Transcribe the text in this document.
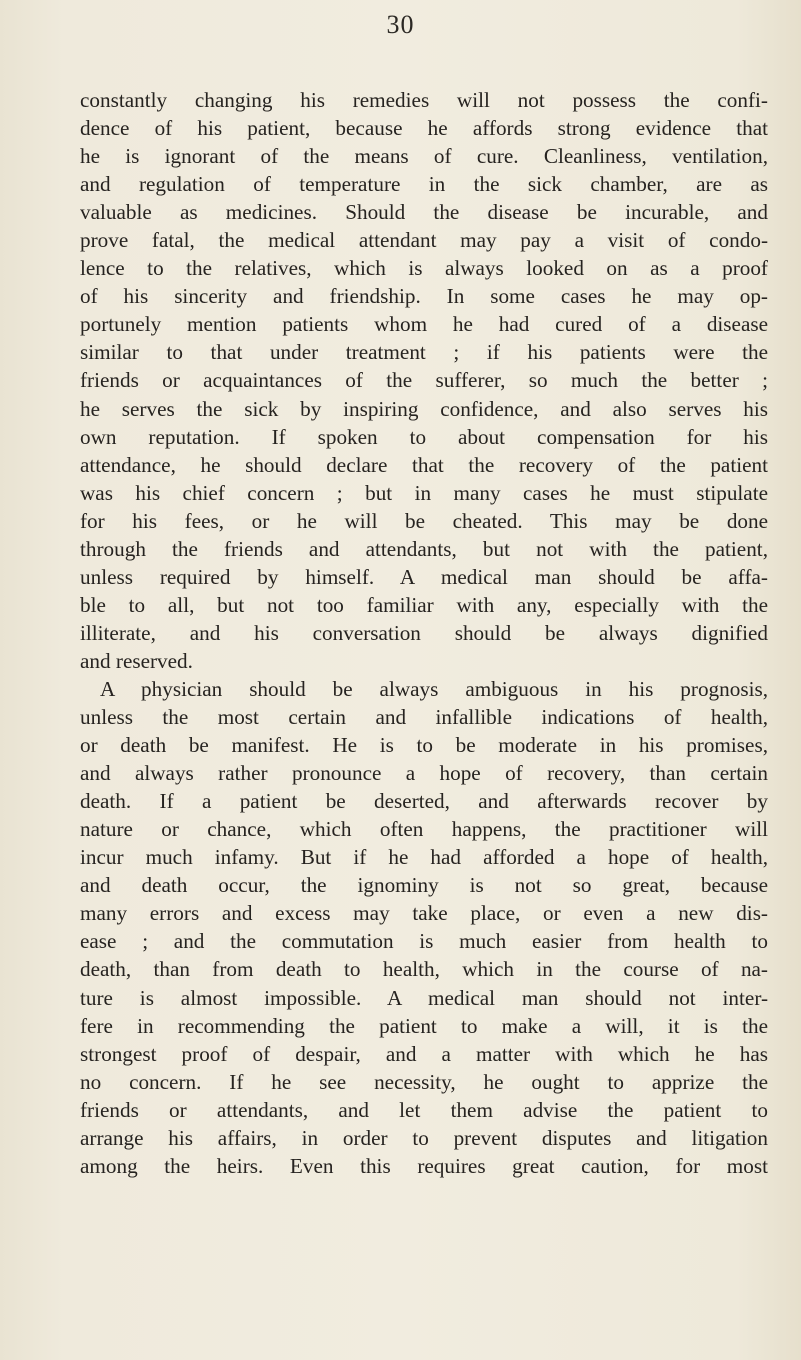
30
constantly changing his remedies will not possess the confi-
dence of his patient, because he affords strong evidence that
he is ignorant of the means of cure. Cleanliness, ventilation,
and regulation of temperature in the sick chamber, are as
valuable as medicines. Should the disease be incurable, and
prove fatal, the medical attendant may pay a visit of condo-
lence to the relatives, which is always looked on as a proof
of his sincerity and friendship. In some cases he may op-
portunely mention patients whom he had cured of a disease
similar to that under treatment ; if his patients were the
friends or acquaintances of the sufferer, so much the better ;
he serves the sick by inspiring confidence, and also serves his
own reputation. If spoken to about compensation for his
attendance, he should declare that the recovery of the patient
was his chief concern ; but in many cases he must stipulate
for his fees, or he will be cheated. This may be done
through the friends and attendants, but not with the patient,
unless required by himself. A medical man should be affa-
ble to all, but not too familiar with any, especially with the
illiterate, and his conversation should be always dignified
and reserved.
A physician should be always ambiguous in his prognosis,
unless the most certain and infallible indications of health,
or death be manifest. He is to be moderate in his promises,
and always rather pronounce a hope of recovery, than certain
death. If a patient be deserted, and afterwards recover by
nature or chance, which often happens, the practitioner will
incur much infamy. But if he had afforded a hope of health,
and death occur, the ignominy is not so great, because
many errors and excess may take place, or even a new dis-
ease ; and the commutation is much easier from health to
death, than from death to health, which in the course of na-
ture is almost impossible. A medical man should not inter-
fere in recommending the patient to make a will, it is the
strongest proof of despair, and a matter with which he has
no concern. If he see necessity, he ought to apprize the
friends or attendants, and let them advise the patient to
arrange his affairs, in order to prevent disputes and litigation
among the heirs. Even this requires great caution, for most
